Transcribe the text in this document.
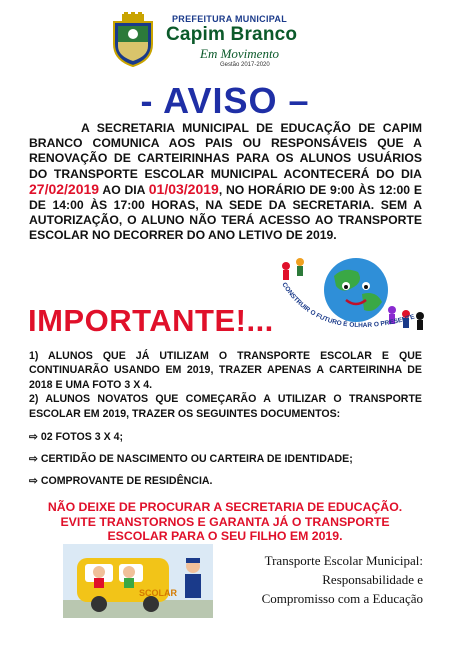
PREFEITURA MUNICIPAL
Capim Branco
Em Movimento
Gestão 2017-2020
- AVISO –
A SECRETARIA MUNICIPAL DE EDUCAÇÃO DE CAPIM BRANCO COMUNICA AOS PAIS OU RESPONSÁVEIS QUE A RENOVAÇÃO DE CARTEIRINHAS PARA OS ALUNOS USUÁRIOS DO TRANSPORTE ESCOLAR MUNICIPAL ACONTECERÁ DO DIA 27/02/2019 AO DIA 01/03/2019, NO HORÁRIO DE 9:00 ÀS 12:00 E DE 14:00 ÀS 17:00 HORAS, NA SEDE DA SECRETARIA. SEM A AUTORIZAÇÃO, O ALUNO NÃO TERÁ ACESSO AO TRANSPORTE ESCOLAR NO DECORRER DO ANO LETIVO DE 2019.
CONSTRUIR O FUTURO É OLHAR O PRESENTE
IMPORTANTE!...
1) ALUNOS QUE JÁ UTILIZAM O TRANSPORTE ESCOLAR E QUE CONTINUARÃO USANDO EM 2019, TRAZER APENAS A CARTEIRINHA DE 2018 E UMA FOTO 3 X 4.
2) ALUNOS NOVATOS QUE COMEÇARÃO A UTILIZAR O TRANSPORTE ESCOLAR EM 2019, TRAZER OS SEGUINTES DOCUMENTOS:
⇨ 02 FOTOS 3 X 4;
⇨ CERTIDÃO DE NASCIMENTO OU CARTEIRA DE IDENTIDADE;
⇨ COMPROVANTE DE RESIDÊNCIA.
NÃO DEIXE DE PROCURAR A SECRETARIA DE EDUCAÇÃO.
EVITE TRANSTORNOS E GARANTA JÁ O TRANSPORTE
ESCOLAR PARA O SEU FILHO EM 2019.
SCOLAR
Transporte Escolar Municipal:
Responsabilidade e
Compromisso com a Educação
